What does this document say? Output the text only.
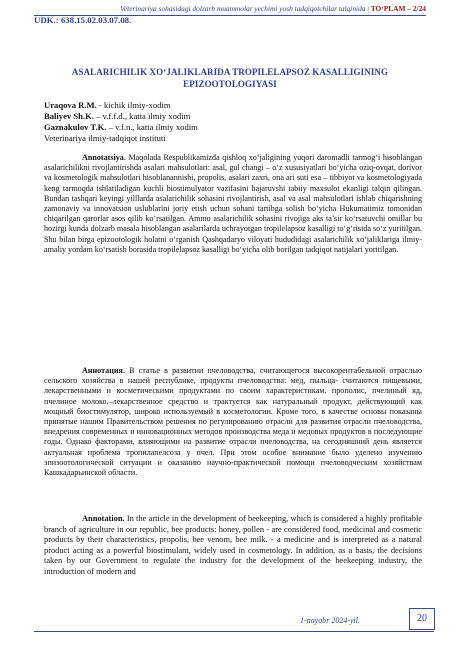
Veterinariya sohasidagi dolzarb muammolar yechimi yosh tadqiqotchilar talqinida | TO‘PLAM – 2/24
UDK.: 638.15.02.03.07.08.
ASALARICHILIK XO‘JALIKLARIDA TROPILELAPSOZ KASALLIGINING EPIZOOTOLOGIYASI
Uraqova R.M. - kichik ilmiy-xodim
Baliyev Sh.K. – v.f.f.d., katta ilmiy xodim
Gaznakulov T.K. – v.f.n., katta ilmiy xodim
Veterinariya ilmiy-tadqiqot instituti

Annotatsiya. Maqolada Respublikamizda qishloq xo‘jaligining yuqori daromadli tarmog‘i hisoblangan asalarichilikni rivojlantirishda asalari mahsulotlari: asal, gul changi – o‘z xususiyatlari bo‘yicha oziq-ovqat, dorivor va kosmetologik mahsulotlari hisoblanannishi, propolis, asalari zaxri, ona ari suti esa – tibbiyot va kosmetologiyada keng tarmoqda ishlatiladigan kuchli biostimulyator vazifasini bajaruvshi tabiiy maxsulot ekanligi talqin qilingan. Bundan tashqari keyingi yilllarda asalarichilik sohasini rivojlantirish, asal va asal mahsulotlari ishlab chiqarishning zamonaviy va innovatsion uslublarini joriy etish uchun sohani tartibga solish bo‘yicha Hukumatimiz tomonidan chiqarilgan qarorlar asos qilib ko‘rsatilgan. Ammo asalarichilik sohasini rivojiga aks ta’sir ko‘rsatuvchi omillar bu hozirgi kunda dolzarb masala hisoblangan asalarilarda uchrayotgan tropilelapsoz kasalligi to‘g‘risida so‘z yuritilgan. Shu bilan birga epizootologik holatni o‘rganish Qashqadaryo viloyati hududidagi asalarichilik xo‘jaliklariga ilmiy-amaliy yordam ko‘rsatish borasida tropilelapsoz kasalligi bo‘yicha olib borilgan tadqiqot natijalari yoritilgan.

Аннотация. В статье в развитии пчеловодства, считающегося высокорентабельной отраслью сельского хозяйства в нашей республике, продукты пчеловодства: мед, пыльца- считаются пищевыми, лекарственными и косметическими продуктами по своим характеристикам, прополис, пчелиный яд, пчелиное молоко.–лекарственное средство и трактуется как натуральный продукт, действующий как мощный биостимулятор, широко используемый в косметологии. Кроме того, в качестве основы показаны принятые нашим Правительством решения по регулированию отрасли для развития отрасли пчеловодства, внедрения современных и инновационных методов производства меда и медовых продуктов в последующие годы. Однако факторами, влияющими на развитие отрасли пчеловодства, на сегодняшний день является актуальная проблема тропилапелсоза у пчел. При этом особое внимание было уделено изучению эпизоотологической ситуации и оказанию научно-практической помощи пчеловодческим хозяйствам Кашкадарьинской области.

Annotation. In the article in the development of beekeeping, which is considered a highly profitable branch of agriculture in our republic, bee products: honey, pollen - are considered food, medicinal and cosmetic products by their characteristics, propolis, bee venom, bee milk. - a medicine and is interpreted as a natural product acting as a powerful biostimulant, widely used in cosmetology. In addition, as a basis, the decisions taken by our Government to regulate the industry for the development of the beekeeping industry, the introduction of modern and

1-noyabr 2024-yil.	20
